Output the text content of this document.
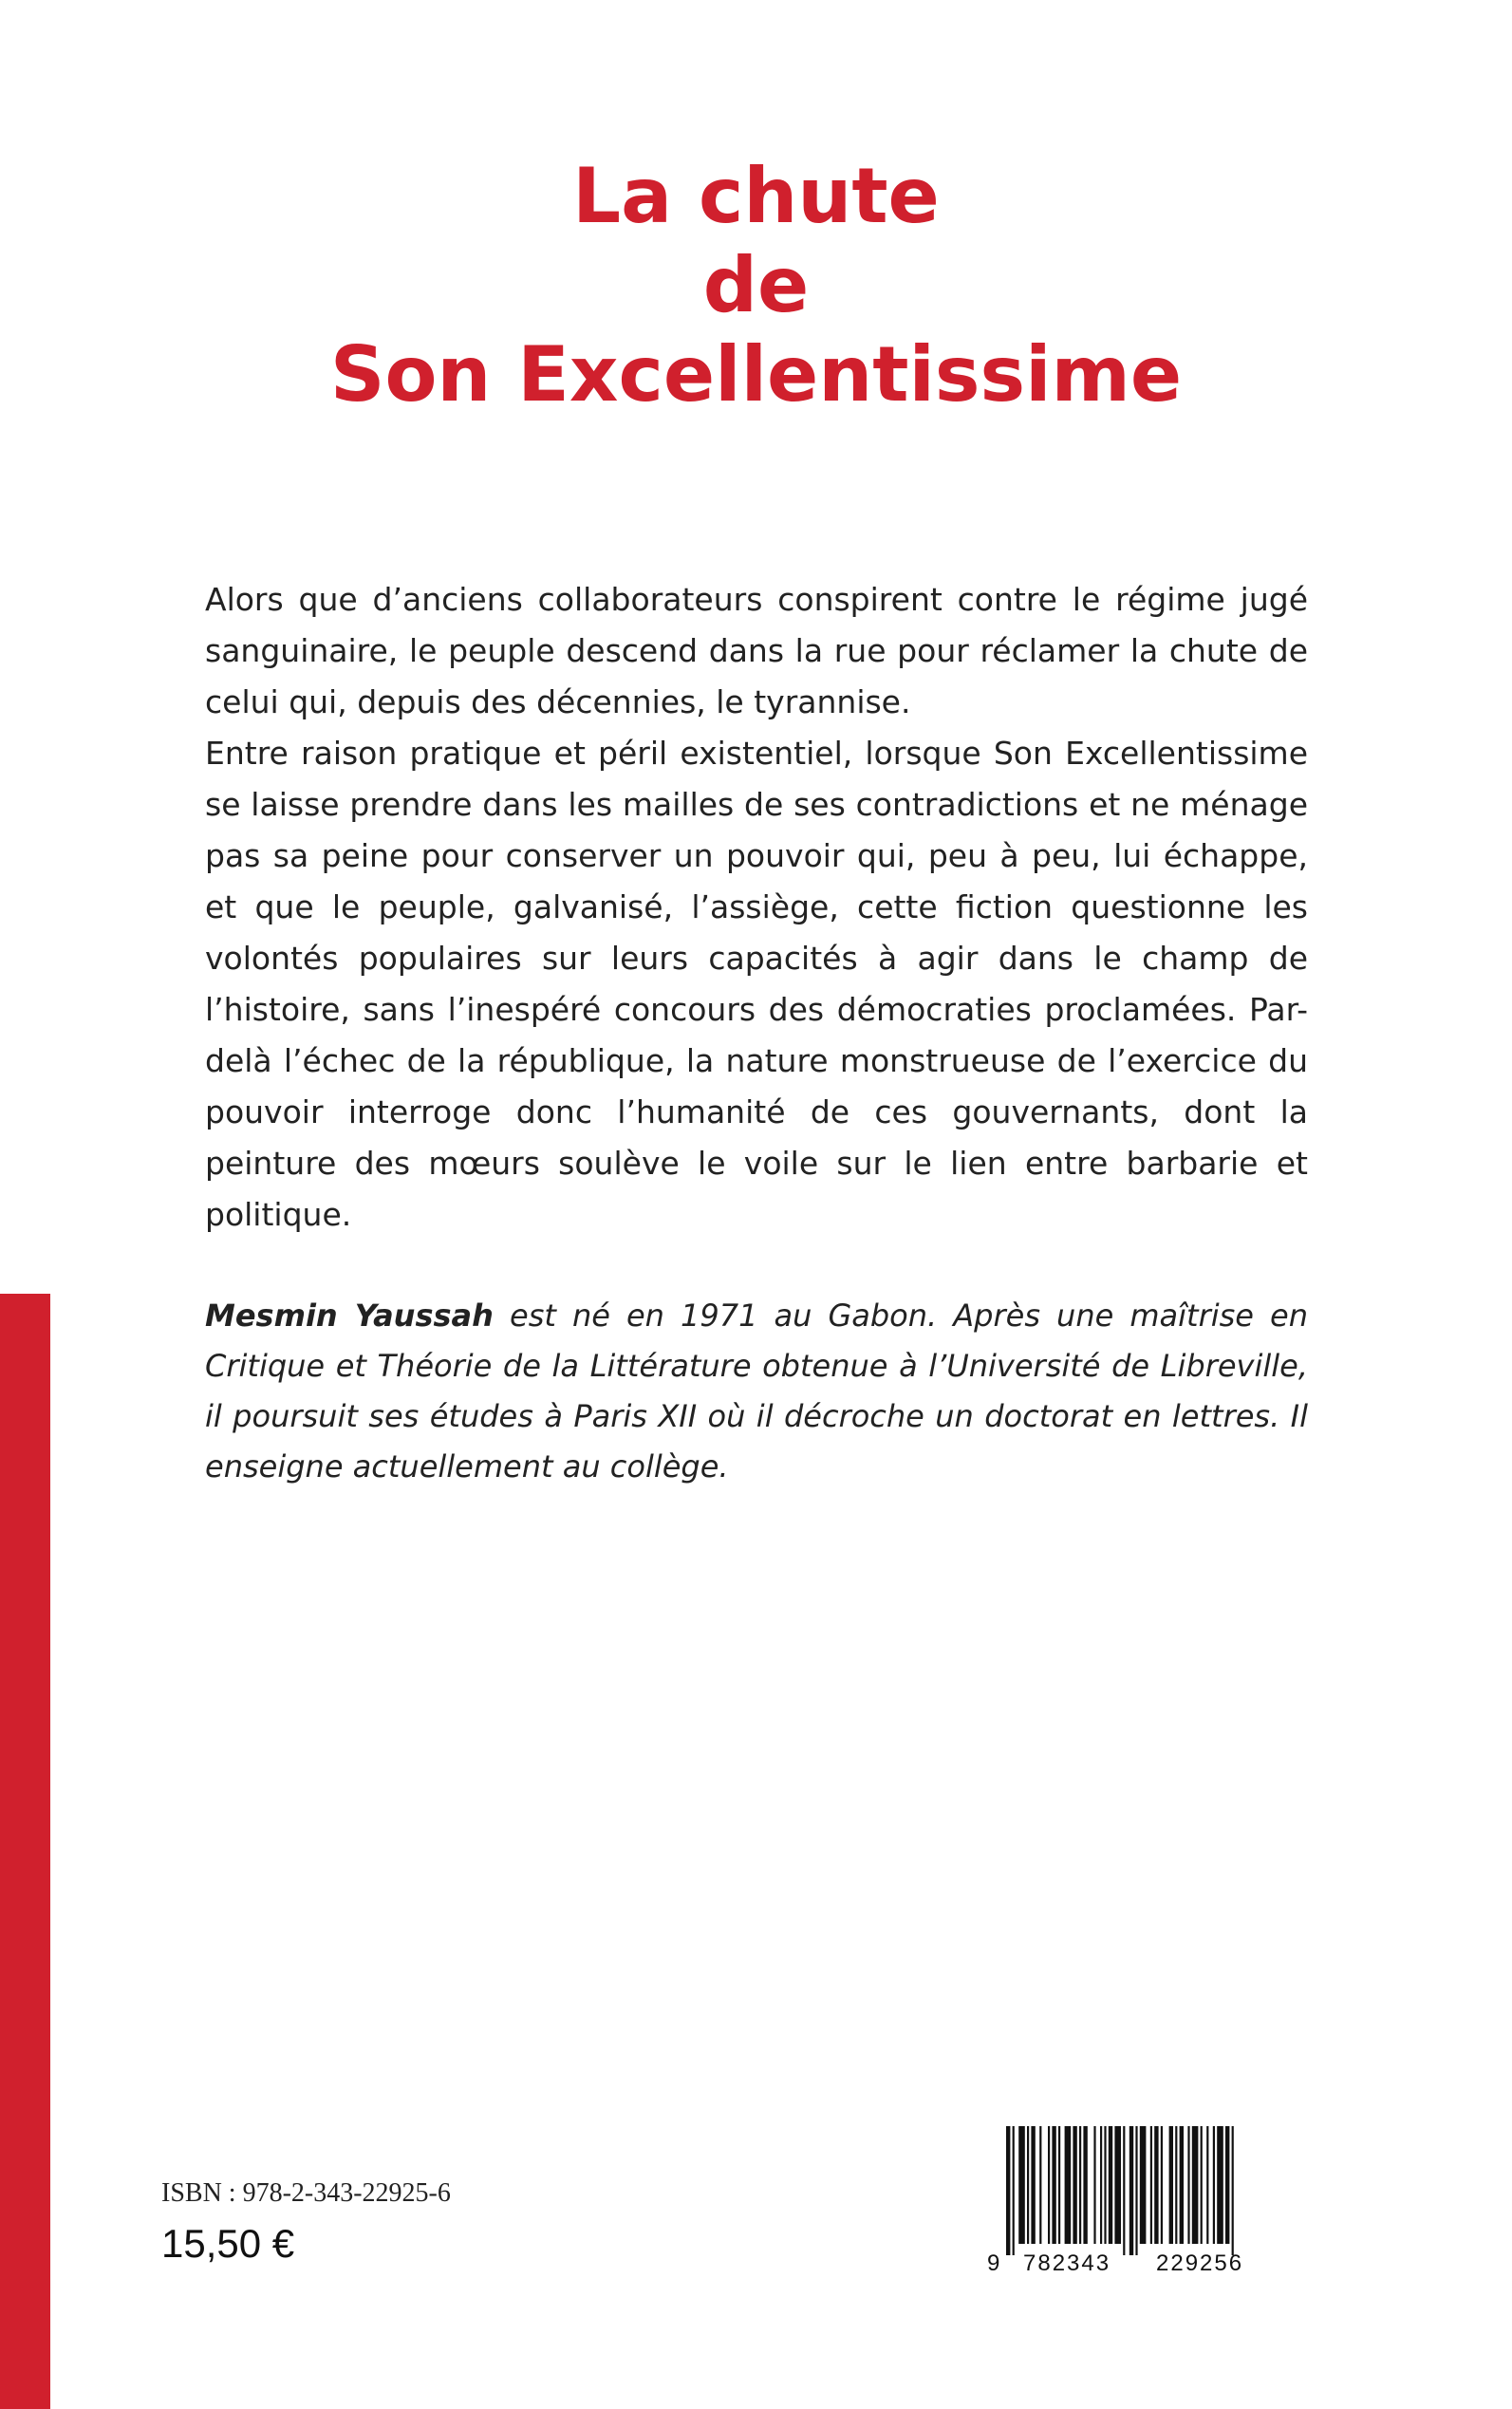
La chute
de
Son Excellentissime

Alors que d’anciens collaborateurs conspirent contre le régime jugé sanguinaire, le peuple descend dans la rue pour réclamer la chute de celui qui, depuis des décennies, le tyrannise.

Entre raison pratique et péril existentiel, lorsque Son Excellentissime se laisse prendre dans les mailles de ses contradictions et ne ménage pas sa peine pour conserver un pouvoir qui, peu à peu, lui échappe, et que le peuple, galvanisé, l’assiège, cette fiction questionne les volontés populaires sur leurs capacités à agir dans le champ de l’histoire, sans l’inespéré concours des démocraties proclamées. Par-delà l’échec de la république, la nature monstrueuse de l’exercice du pouvoir interroge donc l’humanité de ces gouvernants, dont la peinture des mœurs soulève le voile sur le lien entre barbarie et politique.

Mesmin Yaussah est né en 1971 au Gabon. Après une maîtrise en Critique et Théorie de la Littérature obtenue à l’Université de Libreville, il poursuit ses études à Paris XII où il décroche un doctorat en lettres. Il enseigne actuellement au collège.
ISBN : 978-2-343-22925-6
15,50 €	9 782343 229256
